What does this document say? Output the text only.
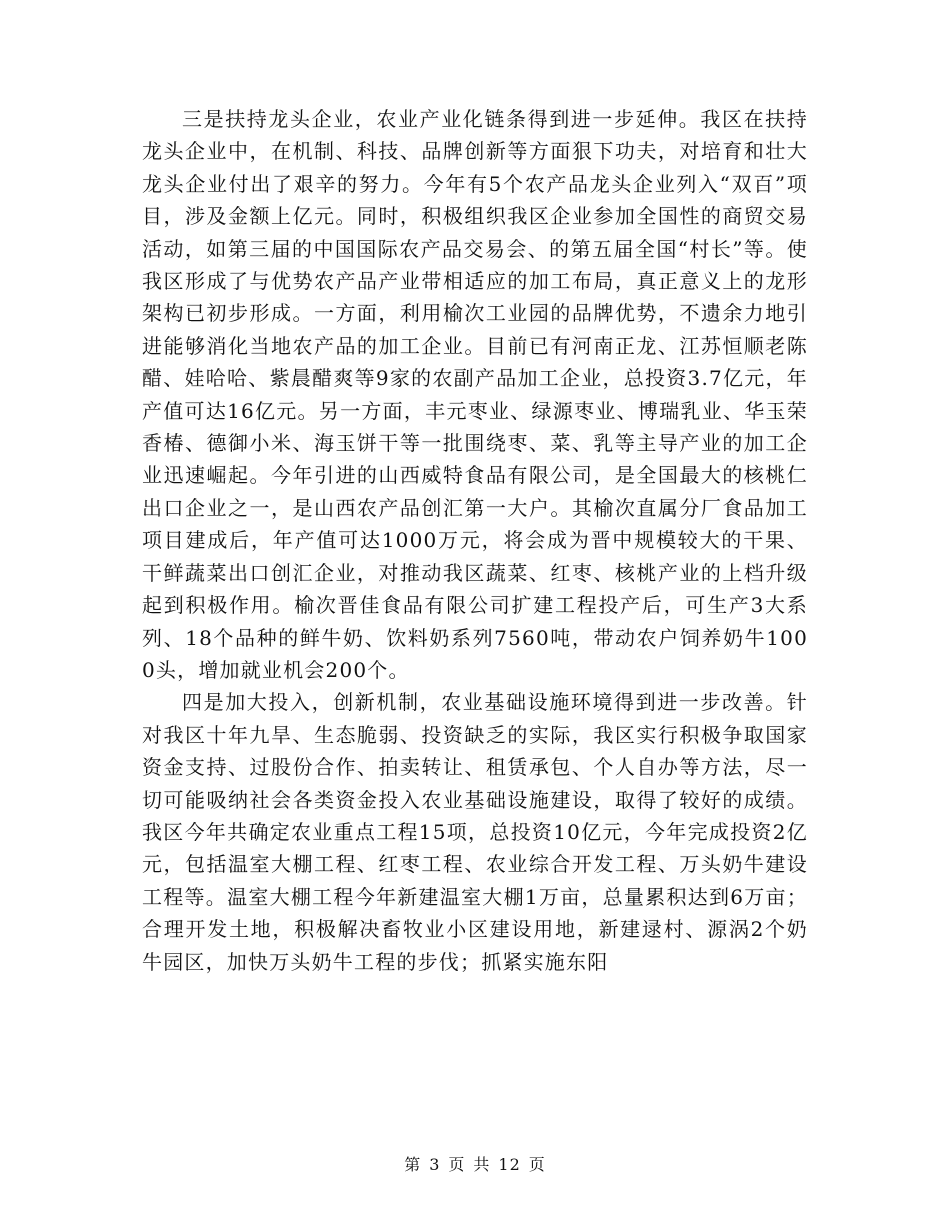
三是扶持龙头企业，农业产业化链条得到进一步延伸。我区在扶持龙头企业中，在机制、科技、品牌创新等方面狠下功夫，对培育和壮大龙头企业付出了艰辛的努力。今年有5个农产品龙头企业列入“双百”项目，涉及金额上亿元。同时，积极组织我区企业参加全国性的商贸交易活动，如第三届的中国国际农产品交易会、的第五届全国“村长”等。使我区形成了与优势农产品产业带相适应的加工布局，真正意义上的龙形架构已初步形成。一方面，利用榆次工业园的品牌优势，不遗余力地引进能够消化当地农产品的加工企业。目前已有河南正龙、江苏恒顺老陈醋、娃哈哈、紫晨醋爽等9家的农副产品加工企业，总投资3.7亿元，年产值可达16亿元。另一方面，丰元枣业、绿源枣业、博瑞乳业、华玉荣香椿、德御小米、海玉饼干等一批围绕枣、菜、乳等主导产业的加工企业迅速崛起。今年引进的山西威特食品有限公司，是全国最大的核桃仁出口企业之一，是山西农产品创汇第一大户。其榆次直属分厂食品加工项目建成后，年产值可达1000万元，将会成为晋中规模较大的干果、干鲜蔬菜出口创汇企业，对推动我区蔬菜、红枣、核桃产业的上档升级起到积极作用。榆次晋佳食品有限公司扩建工程投产后，可生产3大系列、18个品种的鲜牛奶、饮料奶系列7560吨，带动农户饲养奶牛1000头，增加就业机会200个。

四是加大投入，创新机制，农业基础设施环境得到进一步改善。针对我区十年九旱、生态脆弱、投资缺乏的实际，我区实行积极争取国家资金支持、过股份合作、拍卖转让、租赁承包、个人自办等方法，尽一切可能吸纳社会各类资金投入农业基础设施建设，取得了较好的成绩。我区今年共确定农业重点工程15项，总投资10亿元，今年完成投资2亿元，包括温室大棚工程、红枣工程、农业综合开发工程、万头奶牛建设工程等。温室大棚工程今年新建温室大棚1万亩，总量累积达到6万亩；合理开发土地，积极解决畜牧业小区建设用地，新建逯村、源涡2个奶牛园区，加快万头奶牛工程的步伐；抓紧实施东阳

第 3 页 共 12 页
